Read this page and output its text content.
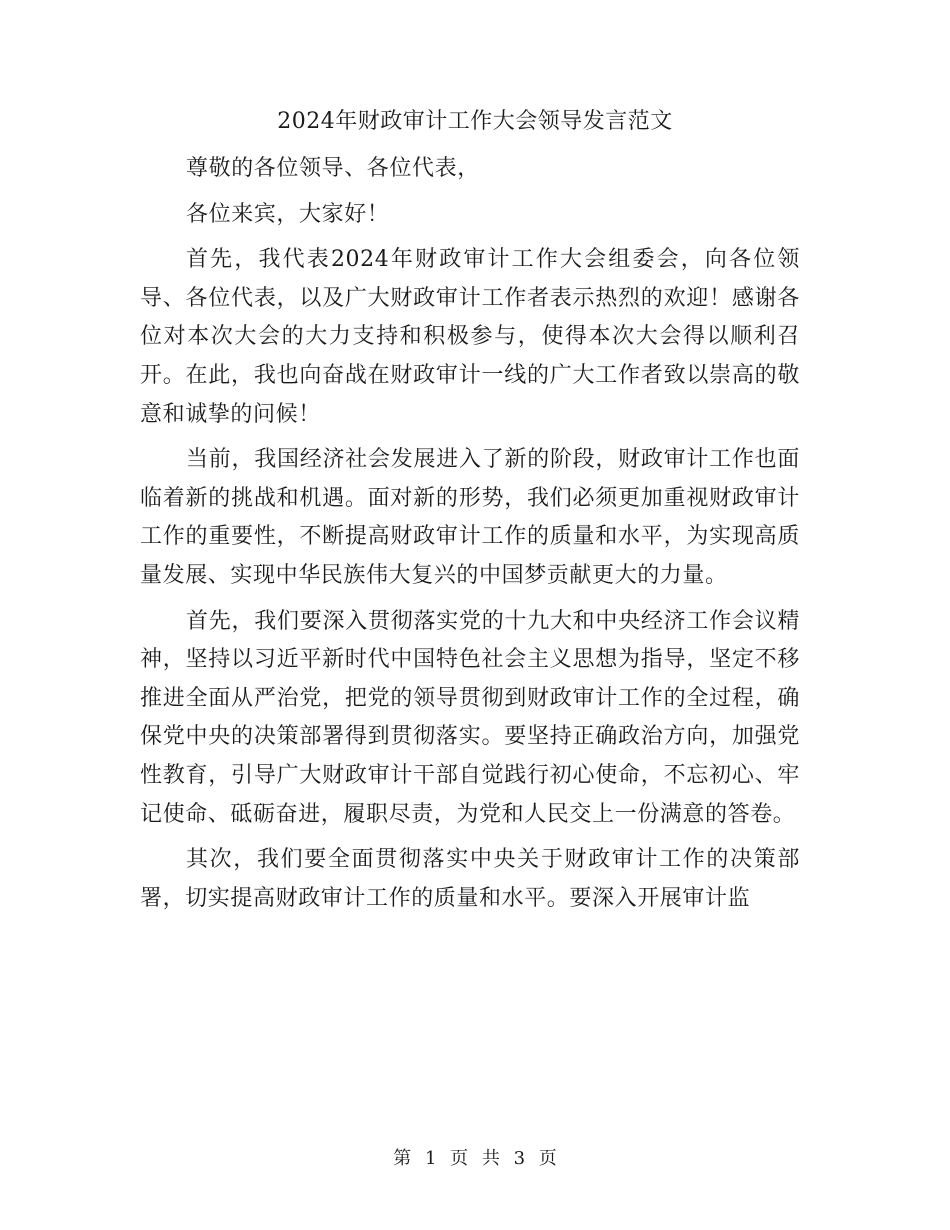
2024年财政审计工作大会领导发言范文

尊敬的各位领导、各位代表，

各位来宾，大家好！

首先，我代表2024年财政审计工作大会组委会，向各位领导、各位代表，以及广大财政审计工作者表示热烈的欢迎！感谢各位对本次大会的大力支持和积极参与，使得本次大会得以顺利召开。在此，我也向奋战在财政审计一线的广大工作者致以崇高的敬意和诚挚的问候！

当前，我国经济社会发展进入了新的阶段，财政审计工作也面临着新的挑战和机遇。面对新的形势，我们必须更加重视财政审计工作的重要性，不断提高财政审计工作的质量和水平，为实现高质量发展、实现中华民族伟大复兴的中国梦贡献更大的力量。

首先，我们要深入贯彻落实党的十九大和中央经济工作会议精神，坚持以习近平新时代中国特色社会主义思想为指导，坚定不移推进全面从严治党，把党的领导贯彻到财政审计工作的全过程，确保党中央的决策部署得到贯彻落实。要坚持正确政治方向，加强党性教育，引导广大财政审计干部自觉践行初心使命，不忘初心、牢记使命、砥砺奋进，履职尽责，为党和人民交上一份满意的答卷。

其次，我们要全面贯彻落实中央关于财政审计工作的决策部署，切实提高财政审计工作的质量和水平。要深入开展审计监

第 1 页 共 3 页
